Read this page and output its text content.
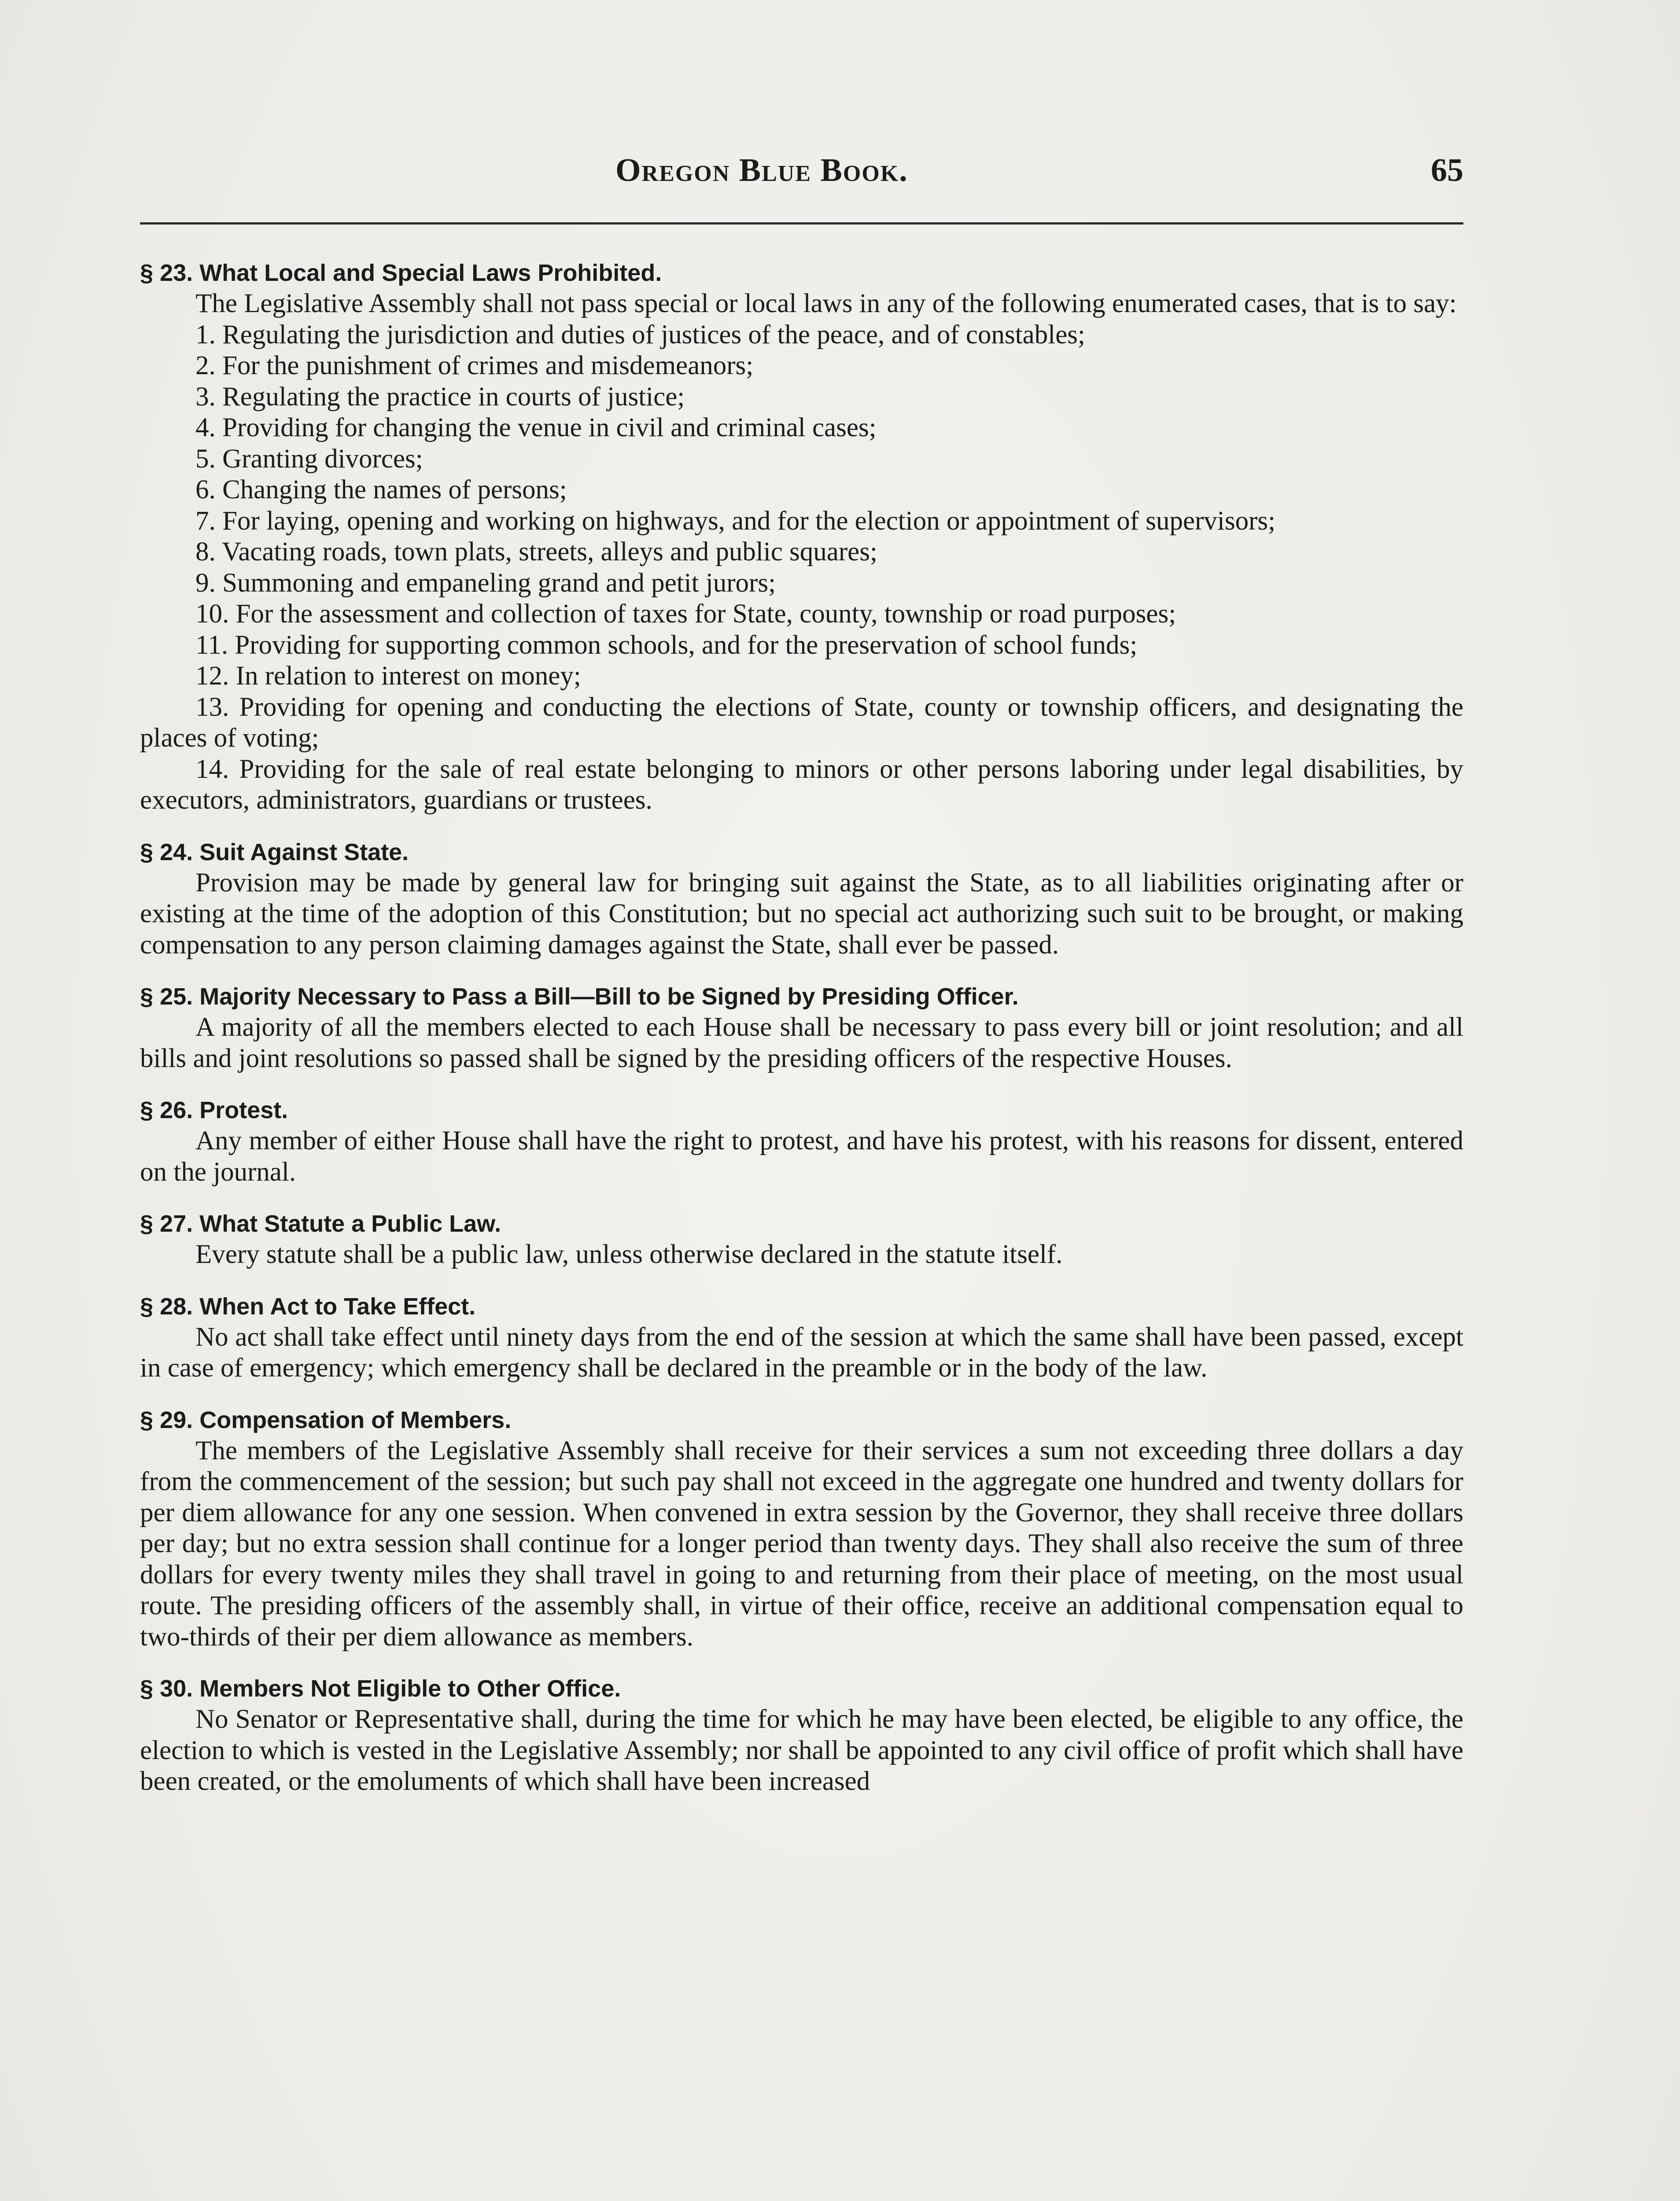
Oregon Blue Book.	65

§ 23. What Local and Special Laws Prohibited.

The Legislative Assembly shall not pass special or local laws in any of the following enumerated cases, that is to say:

1. Regulating the jurisdiction and duties of justices of the peace, and of constables;

2. For the punishment of crimes and misdemeanors;

3. Regulating the practice in courts of justice;

4. Providing for changing the venue in civil and criminal cases;

5. Granting divorces;

6. Changing the names of persons;

7. For laying, opening and working on highways, and for the election or appointment of supervisors;

8. Vacating roads, town plats, streets, alleys and public squares;

9. Summoning and empaneling grand and petit jurors;

10. For the assessment and collection of taxes for State, county, township or road purposes;

11. Providing for supporting common schools, and for the preservation of school funds;

12. In relation to interest on money;

13. Providing for opening and conducting the elections of State, county or township officers, and designating the places of voting;

14. Providing for the sale of real estate belonging to minors or other persons laboring under legal disabilities, by executors, administrators, guardians or trustees.

§ 24. Suit Against State.

Provision may be made by general law for bringing suit against the State, as to all liabilities originating after or existing at the time of the adoption of this Constitution; but no special act authorizing such suit to be brought, or making compensation to any person claiming damages against the State, shall ever be passed.

§ 25. Majority Necessary to Pass a Bill—Bill to be Signed by Presiding Officer.

A majority of all the members elected to each House shall be necessary to pass every bill or joint resolution; and all bills and joint resolutions so passed shall be signed by the presiding officers of the respective Houses.

§ 26. Protest.

Any member of either House shall have the right to protest, and have his protest, with his reasons for dissent, entered on the journal.

§ 27. What Statute a Public Law.

Every statute shall be a public law, unless otherwise declared in the statute itself.

§ 28. When Act to Take Effect.

No act shall take effect until ninety days from the end of the session at which the same shall have been passed, except in case of emergency; which emergency shall be declared in the preamble or in the body of the law.

§ 29. Compensation of Members.

The members of the Legislative Assembly shall receive for their services a sum not exceeding three dollars a day from the commencement of the session; but such pay shall not exceed in the aggregate one hundred and twenty dollars for per diem allowance for any one session. When convened in extra session by the Governor, they shall receive three dollars per day; but no extra session shall continue for a longer period than twenty days. They shall also receive the sum of three dollars for every twenty miles they shall travel in going to and returning from their place of meeting, on the most usual route. The presiding officers of the assembly shall, in virtue of their office, receive an additional compensation equal to two-thirds of their per diem allowance as members.

§ 30. Members Not Eligible to Other Office.

No Senator or Representative shall, during the time for which he may have been elected, be eligible to any office, the election to which is vested in the Legislative Assembly; nor shall be appointed to any civil office of profit which shall have been created, or the emoluments of which shall have been increased
